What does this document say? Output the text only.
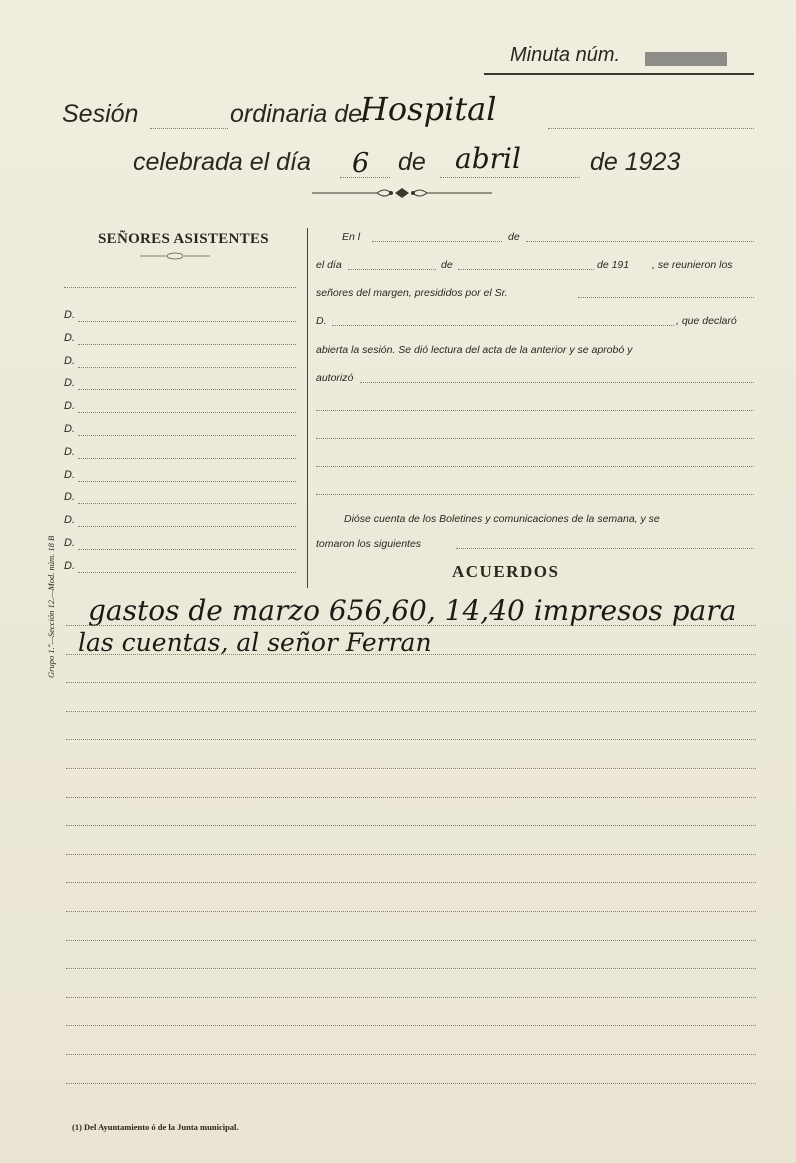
Minuta núm.
Sesión	ordinaria del
Hospital
celebrada el día 6 de abril	de 1923
SEÑORES ASISTENTES
D.
D.
D.
D.
D.
D.
D.
D.
D.
D.
D.
D.
En l	de
el día	de	de 191 , se reunieron los
señores del margen, presididos por el Sr.
D.	, que declaró
abierta la sesión. Se dió lectura del acta de la anterior y se aprobó y
autorizó
Dióse cuenta de los Boletines y comunicaciones de la semana, y se
tomaron los siguientes
ACUERDOS
gastos de marzo 656,60, 14,40 impresos para
las cuentas, al señor Ferran
Grupo 1.º—Sección 12.—Mod. núm. 18 B
(1) Del Ayuntamiento ó de la Junta municipal.
